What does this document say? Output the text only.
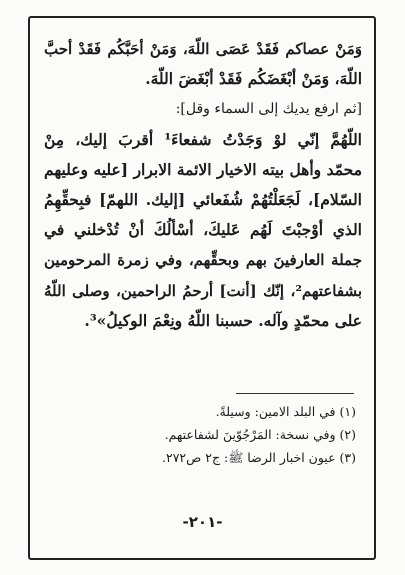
وَمَنْ عصاكم فَقَدْ عَصَى اللّهَ، وَمَنْ أحَبَّكُم فَقَدْ أحبَّ
اللّهَ، وَمَنْ أبْغَضَكُم فَقَدْ أبْغَضَ اللّهَ.
[ثم ارفع يديك إلى السماء وقل]:
اللّهُمَّ إنّي لوْ وَجَدْتُ شفعاءَ¹ أقربَ إليك، مِنْ
محمّد وأهل بيته الاخيار الائمة الابرار [عليه وعليهم
السّلام]، لَجَعَلْتُهُمْ شُفَعائي [إليك. اللهمّ] فبِحقِّهِمُ
الذي أوْجبْتَ لَهُم عَليكَ، أسْألُكَ أنْ تُدْخلني في
جملة العارفينَ بهم وبحقِّهم، وفي زمرة المرحومين
بشفاعتهم²، إنّك [أنت] أرحمُ الراحمين، وصلى اللّهُ
على محمّدٍ وآله. حسبنا اللّهُ ونِعْمَ الوكيلُ»³.
(١) في البلد الامين: وسيلةً.
(٢) وفي نسخة: المَرْجُوّينَ لشفاعتهم.
(٣) عيون اخبار الرضا ﷺ: ج٢ ص٢٧٢.
-٢٠١-
